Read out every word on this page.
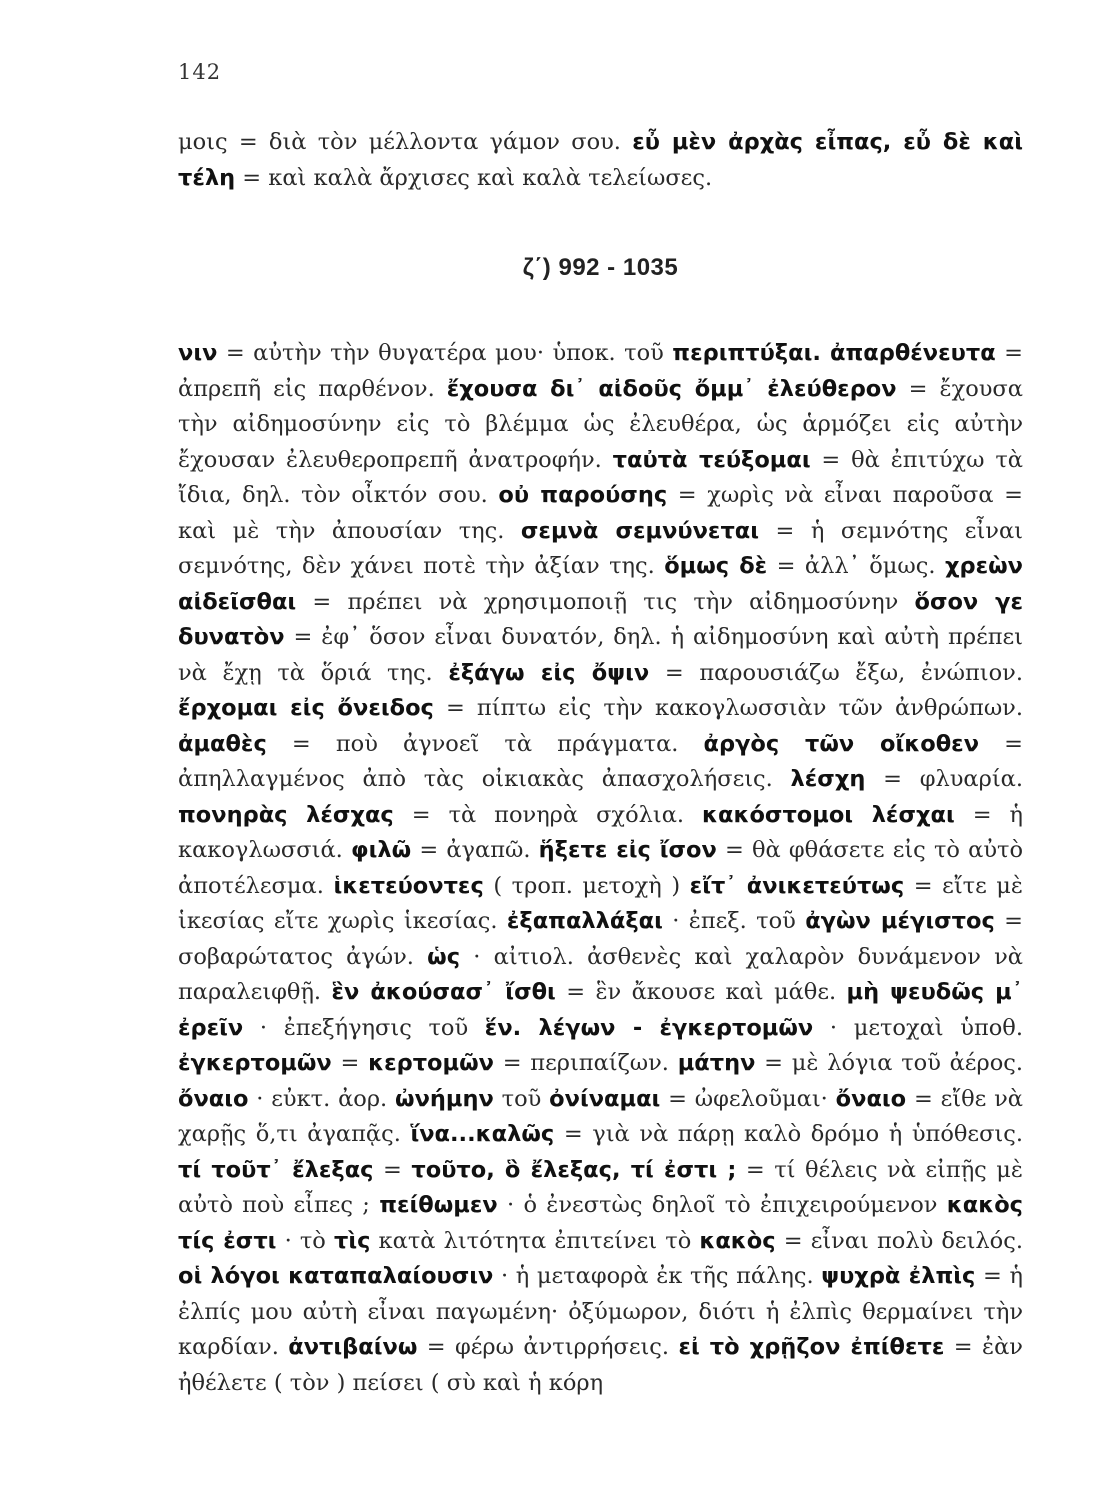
142
μοις = διὰ τὸν μέλλοντα γάμον σου. εὖ μὲν ἀρχὰς εἶπας, εὖ δὲ καὶ τέλη = καὶ καλὰ ἄρχισες καὶ καλὰ τελείωσες.
ζ΄) 992 - 1035
νιν = αὐτὴν τὴν θυγατέρα μου· ὑποκ. τοῦ περιπτύξαι. ἀπαρθένευτα = ἀπρεπῆ εἰς παρθένον. ἔχουσα δι᾽ αἰδοῦς ὄμμ᾽ ἐλεύθερον = ἔχουσα τὴν αἰδημοσύνην εἰς τὸ βλέμμα ὡς ἐλευθέρα, ὡς ἁρμόζει εἰς αὐτὴν ἔχουσαν ἐλευθεροπρεπῆ ἀνατροφήν. ταὐτὰ τεύξομαι = θὰ ἐπιτύχω τὰ ἴδια, δηλ. τὸν οἶκτόν σου. οὐ παρούσης = χωρὶς νὰ εἶναι παροῦσα = καὶ μὲ τὴν ἀπουσίαν της. σεμνὰ σεμνύνεται = ἡ σεμνότης εἶναι σεμνότης, δὲν χάνει ποτὲ τὴν ἀξίαν της. ὅμως δὲ = ἀλλ᾽ ὅμως. χρεὼν αἰδεῖσθαι = πρέπει νὰ χρησιμοποιῇ τις τὴν αἰδημοσύνην ὅσον γε δυνατὸν = ἐφ᾽ ὅσον εἶναι δυνατόν, δηλ. ἡ αἰδημοσύνη καὶ αὐτὴ πρέπει νὰ ἔχῃ τὰ ὅριά της. ἐξάγω εἰς ὄψιν = παρουσιάζω ἔξω, ἐνώπιον. ἔρχομαι εἰς ὄνειδος = πίπτω εἰς τὴν κακογλωσσιὰν τῶν ἀνθρώπων. ἀμαθὲς = ποὺ ἀγνοεῖ τὰ πράγματα. ἀργὸς τῶν οἴκοθεν = ἀπηλλαγμένος ἀπὸ τὰς οἰκιακὰς ἀπασχολήσεις. λέσχη = φλυαρία. πονηρὰς λέσχας = τὰ πονηρὰ σχόλια. κακόστομοι λέσχαι = ἡ κακογλωσσιά. φιλῶ = ἀγαπῶ. ἥξετε εἰς ἴσον = θὰ φθάσετε εἰς τὸ αὐτὸ ἀποτέλεσμα. ἱκετεύοντες ( τροπ. μετοχὴ ) εἴτ᾽ ἀνικετεύτως = εἴτε μὲ ἱκεσίας εἴτε χωρὶς ἱκεσίας. ἐξαπαλλάξαι · ἐπεξ. τοῦ ἀγὼν μέγιστος = σοβαρώτατος ἀγών. ὡς · αἰτιολ. ἀσθενὲς καὶ χαλαρὸν δυνάμενον νὰ παραλειφθῇ. ἓν ἀκούσασ᾽ ἴσθι = ἓν ἄκουσε καὶ μάθε. μὴ ψευδῶς μ᾽ ἐρεῖν · ἐπεξήγησις τοῦ ἕν. λέγων - ἐγκερτομῶν · μετοχαὶ ὑποθ. ἐγκερτομῶν = κερτομῶν = περιπαίζων. μάτην = μὲ λόγια τοῦ ἀέρος. ὄναιο · εὐκτ. ἀορ. ὠνήμην τοῦ ὀνίναμαι = ὠφελοῦμαι· ὄναιο = εἴθε νὰ χαρῇς ὅ,τι ἀγαπᾷς. ἵνα...καλῶς = γιὰ νὰ πάρῃ καλὸ δρόμο ἡ ὑπόθεσις. τί τοῦτ᾽ ἔλεξας = τοῦτο, ὃ ἔλεξας, τί ἐστι ; = τί θέλεις νὰ εἰπῇς μὲ αὐτὸ ποὺ εἶπες ; πείθωμεν · ὁ ἐνεστὼς δηλοῖ τὸ ἐπιχειρούμενον κακὸς τίς ἐστι · τὸ τὶς κατὰ λιτότητα ἐπιτείνει τὸ κακὸς = εἶναι πολὺ δειλός. οἱ λόγοι καταπαλαίουσιν · ἡ μεταφορὰ ἐκ τῆς πάλης. ψυχρὰ ἐλπὶς = ἡ ἐλπίς μου αὐτὴ εἶναι παγωμένη· ὀξύμωρον, διότι ἡ ἐλπὶς θερμαίνει τὴν καρδίαν. ἀντιβαίνω = φέρω ἀντιρρήσεις. εἰ τὸ χρῇζον ἐπίθετε = ἐὰν ἠθέλετε ( τὸν ) πείσει ( σὺ καὶ ἡ κόρη
